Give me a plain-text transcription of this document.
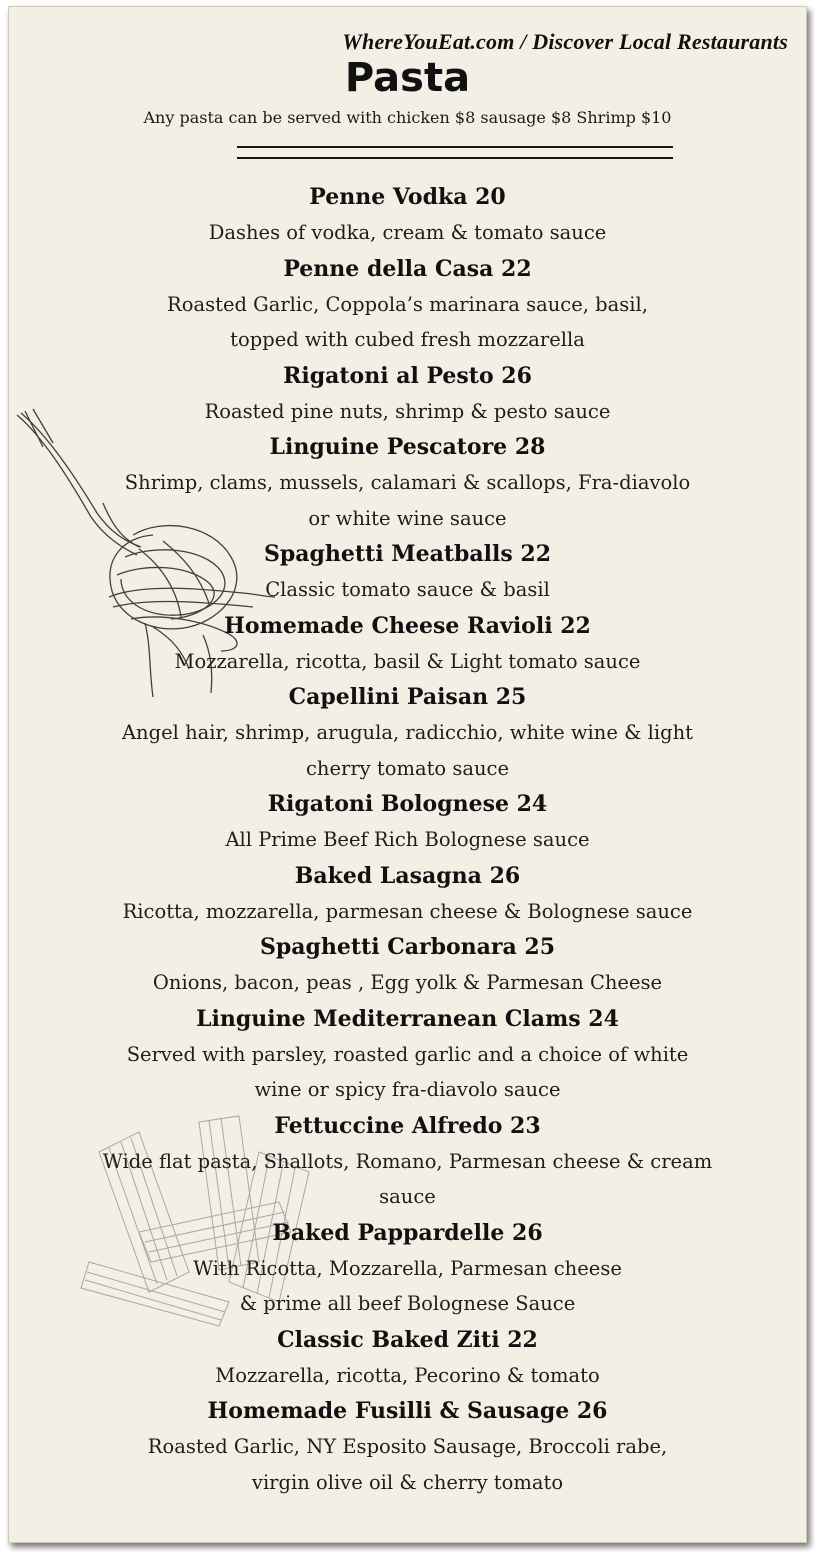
WhereYouEat.com / Discover Local Restaurants
Pasta
Any pasta can be served with chicken $8 sausage $8 Shrimp $10
Penne Vodka 20
Dashes of vodka, cream & tomato sauce
Penne della Casa 22
Roasted Garlic, Coppola’s marinara sauce, basil,
topped with cubed fresh mozzarella
Rigatoni al Pesto 26
Roasted pine nuts, shrimp & pesto sauce
Linguine Pescatore 28
Shrimp, clams, mussels, calamari & scallops, Fra-diavolo
or white wine sauce
Spaghetti Meatballs 22
Classic tomato sauce & basil
Homemade Cheese Ravioli 22
Mozzarella, ricotta, basil & Light tomato sauce
Capellini Paisan 25
Angel hair, shrimp, arugula, radicchio, white wine & light
cherry tomato sauce
Rigatoni Bolognese 24
All Prime Beef Rich Bolognese sauce
Baked Lasagna 26
Ricotta, mozzarella, parmesan cheese & Bolognese sauce
Spaghetti Carbonara 25
Onions, bacon, peas , Egg yolk & Parmesan Cheese
Linguine Mediterranean Clams 24
Served with parsley, roasted garlic and a choice of white
wine or spicy fra-diavolo sauce
Fettuccine Alfredo 23
Wide flat pasta, Shallots, Romano, Parmesan cheese & cream
sauce
Baked Pappardelle 26
With Ricotta, Mozzarella, Parmesan cheese
& prime all beef Bolognese Sauce
Classic Baked Ziti 22
Mozzarella, ricotta, Pecorino & tomato
Homemade Fusilli & Sausage 26
Roasted Garlic, NY Esposito Sausage, Broccoli rabe,
virgin olive oil & cherry tomato
